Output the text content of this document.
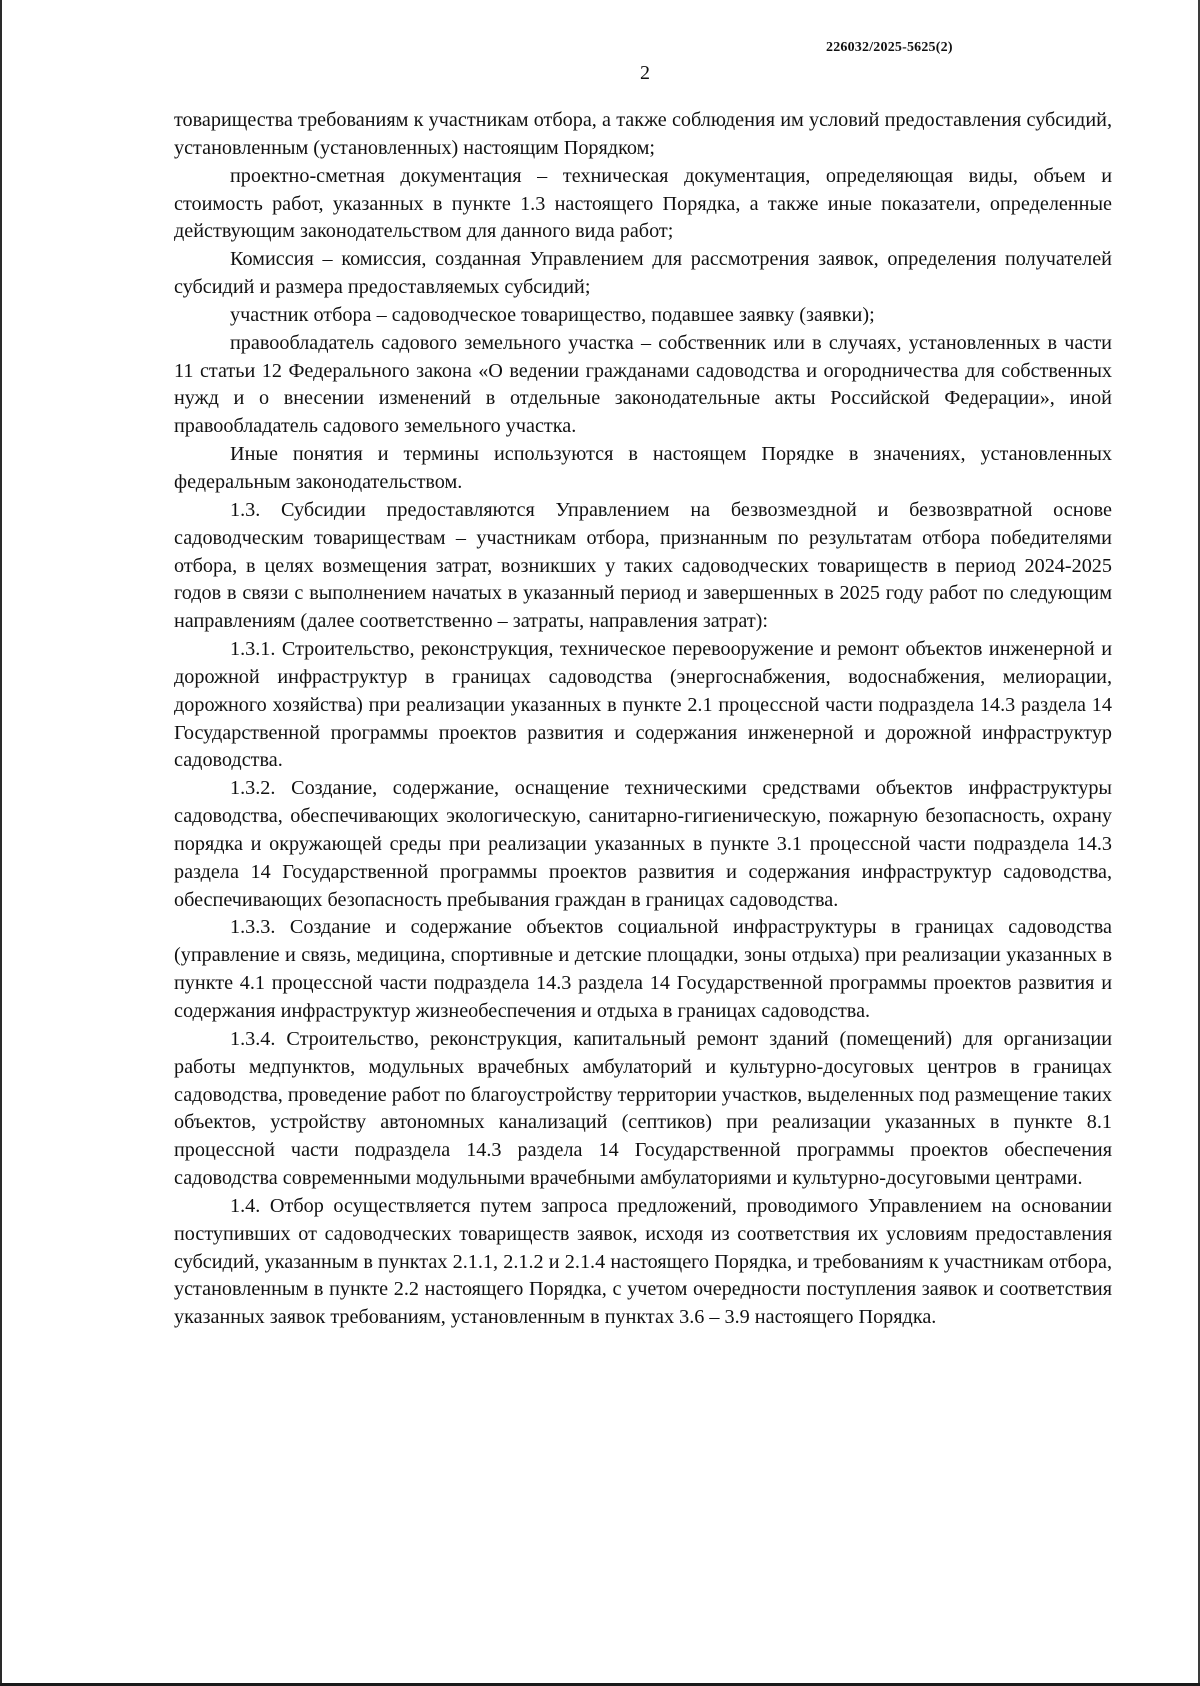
226032/2025-5625(2)
2

товарищества требованиям к участникам отбора, а также соблюдения им условий предоставления субсидий, установленным (установленных) настоящим Порядком;

проектно-сметная документация – техническая документация, определяющая виды, объем и стоимость работ, указанных в пункте 1.3 настоящего Порядка, а также иные показатели, определенные действующим законодательством для данного вида работ;

Комиссия – комиссия, созданная Управлением для рассмотрения заявок, определения получателей субсидий и размера предоставляемых субсидий;

участник отбора – садоводческое товарищество, подавшее заявку (заявки);

правообладатель садового земельного участка – собственник или в случаях, установленных в части 11 статьи 12 Федерального закона «О ведении гражданами садоводства и огородничества для собственных нужд и о внесении изменений в отдельные законодательные акты Российской Федерации», иной правообладатель садового земельного участка.

Иные понятия и термины используются в настоящем Порядке в значениях, установленных федеральным законодательством.

1.3. Субсидии предоставляются Управлением на безвозмездной и безвозвратной основе садоводческим товариществам – участникам отбора, признанным по результатам отбора победителями отбора, в целях возмещения затрат, возникших у таких садоводческих товариществ в период 2024-2025 годов в связи с выполнением начатых в указанный период и завершенных в 2025 году работ по следующим направлениям (далее соответственно – затраты, направления затрат):

1.3.1. Строительство, реконструкция, техническое перевооружение и ремонт объектов инженерной и дорожной инфраструктур в границах садоводства (энергоснабжения, водоснабжения, мелиорации, дорожного хозяйства) при реализации указанных в пункте 2.1 процессной части подраздела 14.3 раздела 14 Государственной программы проектов развития и содержания инженерной и дорожной инфраструктур садоводства.

1.3.2. Создание, содержание, оснащение техническими средствами объектов инфраструктуры садоводства, обеспечивающих экологическую, санитарно-гигиеническую, пожарную безопасность, охрану порядка и окружающей среды при реализации указанных в пункте 3.1 процессной части подраздела 14.3 раздела 14 Государственной программы проектов развития и содержания инфраструктур садоводства, обеспечивающих безопасность пребывания граждан в границах садоводства.

1.3.3. Создание и содержание объектов социальной инфраструктуры в границах садоводства (управление и связь, медицина, спортивные и детские площадки, зоны отдыха) при реализации указанных в пункте 4.1 процессной части подраздела 14.3 раздела 14 Государственной программы проектов развития и содержания инфраструктур жизнеобеспечения и отдыха в границах садоводства.

1.3.4. Строительство, реконструкция, капитальный ремонт зданий (помещений) для организации работы медпунктов, модульных врачебных амбулаторий и культурно-досуговых центров в границах садоводства, проведение работ по благоустройству территории участков, выделенных под размещение таких объектов, устройству автономных канализаций (септиков) при реализации указанных в пункте 8.1 процессной части подраздела 14.3 раздела 14 Государственной программы проектов обеспечения садоводства современными модульными врачебными амбулаториями и культурно-досуговыми центрами.

1.4. Отбор осуществляется путем запроса предложений, проводимого Управлением на основании поступивших от садоводческих товариществ заявок, исходя из соответствия их условиям предоставления субсидий, указанным в пунктах 2.1.1, 2.1.2 и 2.1.4 настоящего Порядка, и требованиям к участникам отбора, установленным в пункте 2.2 настоящего Порядка, с учетом очередности поступления заявок и соответствия указанных заявок требованиям, установленным в пунктах 3.6 – 3.9 настоящего Порядка.
